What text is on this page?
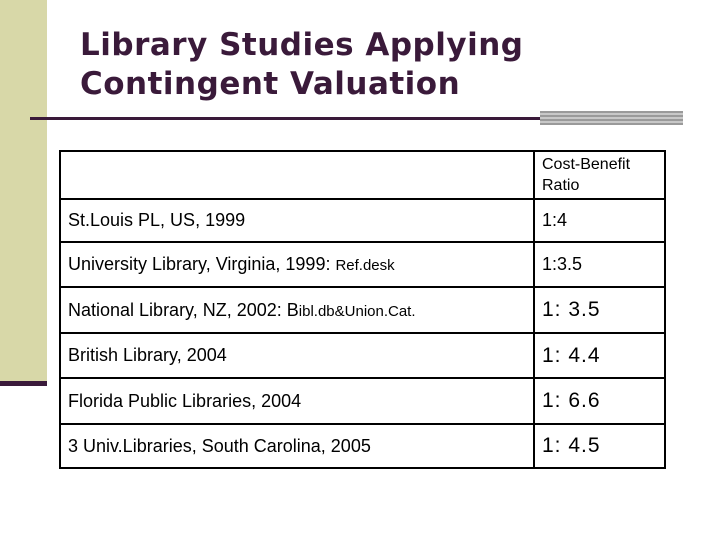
Library Studies Applying
Contingent Valuation
	Cost-Benefit Ratio
St.Louis PL, US, 1999	1:4
University Library, Virginia, 1999: Ref.desk	1:3.5
National Library, NZ, 2002: Bibl.db&Union.Cat.	1: 3.5
British Library, 2004	1: 4.4
Florida Public Libraries, 2004	1: 6.6
3 Univ.Libraries, South Carolina, 2005	1: 4.5
